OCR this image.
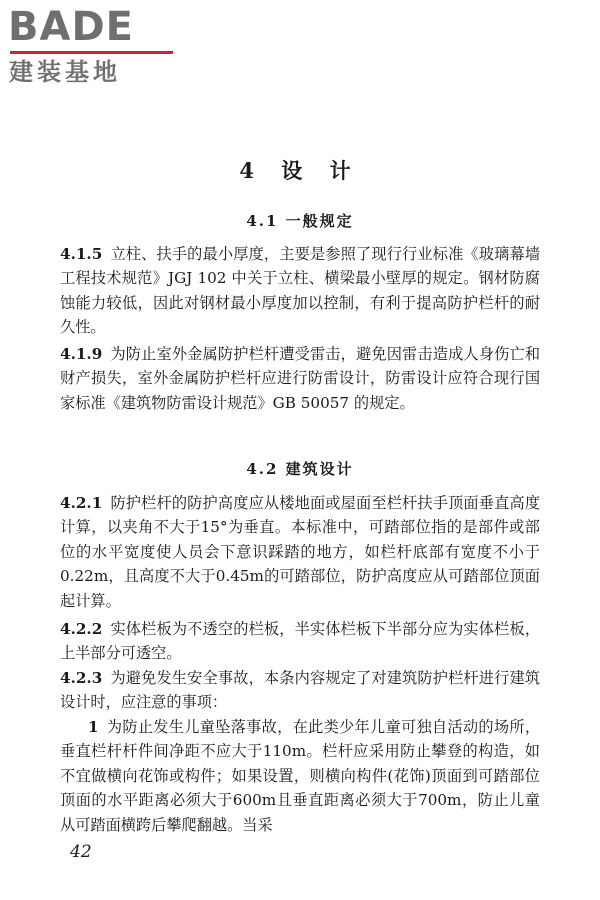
BADE
建装基地
4 设 计
4.1 一般规定

4.1.5 立柱、扶手的最小厚度，主要是参照了现行行业标准《玻璃幕墙工程技术规范》JGJ 102 中关于立柱、横梁最小壁厚的规定。钢材防腐蚀能力较低，因此对钢材最小厚度加以控制，有利于提高防护栏杆的耐久性。

4.1.9 为防止室外金属防护栏杆遭受雷击，避免因雷击造成人身伤亡和财产损失，室外金属防护栏杆应进行防雷设计，防雷设计应符合现行国家标准《建筑物防雷设计规范》GB 50057 的规定。

4.2 建筑设计

4.2.1 防护栏杆的防护高度应从楼地面或屋面至栏杆扶手顶面垂直高度计算，以夹角不大于15°为垂直。本标准中，可踏部位指的是部件或部位的水平宽度使人员会下意识踩踏的地方，如栏杆底部有宽度不小于0.22m，且高度不大于0.45m的可踏部位，防护高度应从可踏部位顶面起计算。

4.2.2 实体栏板为不透空的栏板，半实体栏板下半部分应为实体栏板，上半部分可透空。

4.2.3 为避免发生安全事故，本条内容规定了对建筑防护栏杆进行建筑设计时，应注意的事项：

1 为防止发生儿童坠落事故，在此类少年儿童可独自活动的场所，垂直栏杆杆件间净距不应大于110m。栏杆应采用防止攀登的构造，如不宜做横向花饰或构件；如果设置，则横向构件(花饰)顶面到可踏部位顶面的水平距离必须大于600m且垂直距离必须大于700m，防止儿童从可踏面横跨后攀爬翻越。当采

42
